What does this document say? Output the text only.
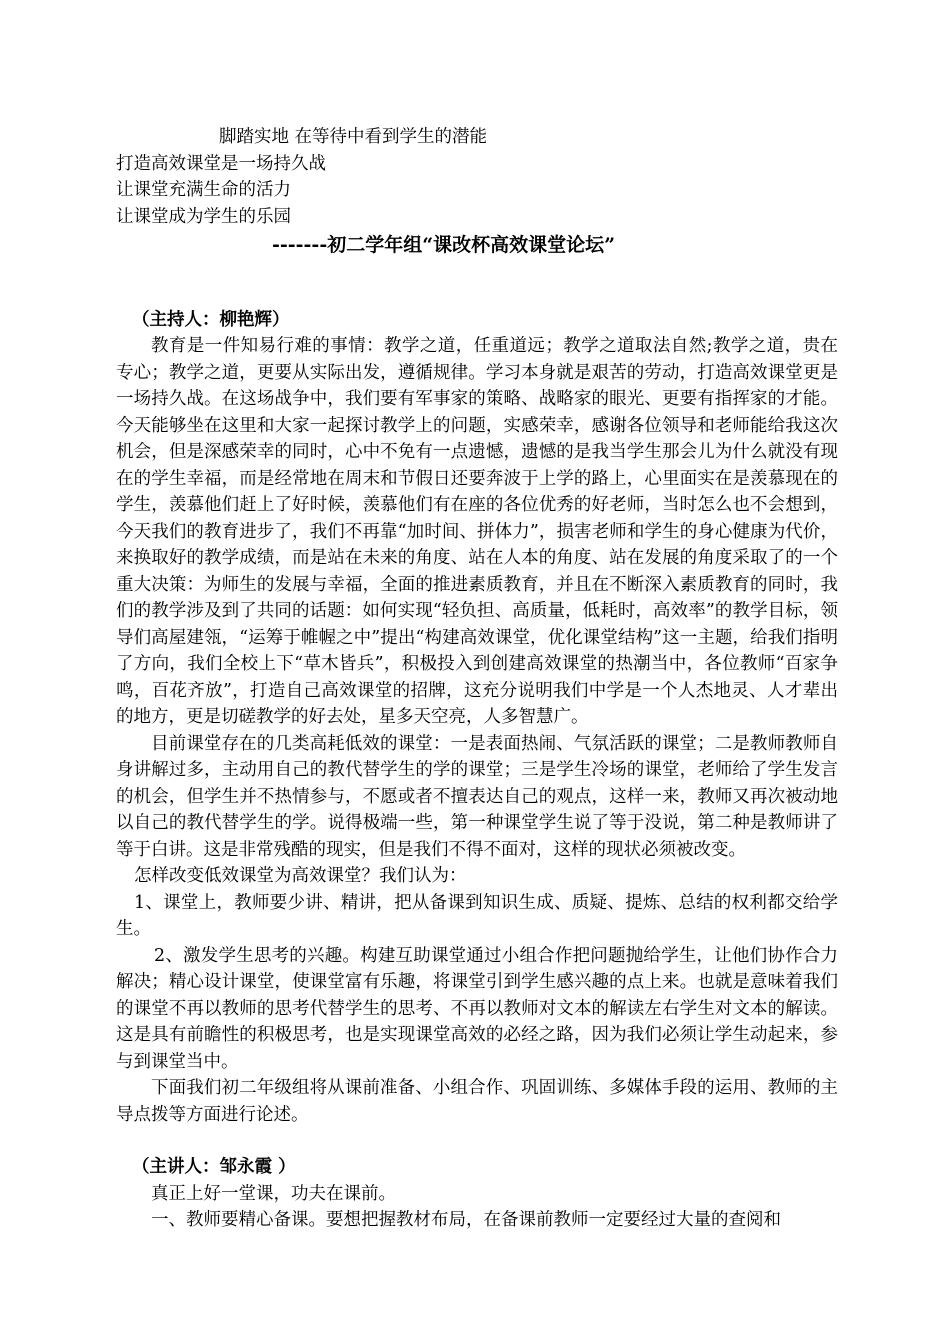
脚踏实地 在等待中看到学生的潜能
打造高效课堂是一场持久战
让课堂充满生命的活力
让课堂成为学生的乐园
-------初二学年组“课改杯高效课堂论坛”
（主持人：柳艳辉）

教育是一件知易行难的事情：教学之道，任重道远；教学之道取法自然;教学之道，贵在专心；教学之道，更要从实际出发，遵循规律。学习本身就是艰苦的劳动，打造高效课堂更是一场持久战。在这场战争中，我们要有军事家的策略、战略家的眼光、更要有指挥家的才能。今天能够坐在这里和大家一起探讨教学上的问题，实感荣幸，感谢各位领导和老师能给我这次机会，但是深感荣幸的同时，心中不免有一点遗憾，遗憾的是我当学生那会儿为什么就没有现在的学生幸福，而是经常地在周末和节假日还要奔波于上学的路上，心里面实在是羡慕现在的学生，羡慕他们赶上了好时候，羡慕他们有在座的各位优秀的好老师，当时怎么也不会想到，今天我们的教育进步了，我们不再靠“加时间、拼体力”，损害老师和学生的身心健康为代价，来换取好的教学成绩，而是站在未来的角度、站在人本的角度、站在发展的角度采取了的一个重大决策：为师生的发展与幸福，全面的推进素质教育，并且在不断深入素质教育的同时，我们的教学涉及到了共同的话题：如何实现“轻负担、高质量，低耗时，高效率”的教学目标，领导们高屋建瓴，“运筹于帷幄之中”提出“构建高效课堂，优化课堂结构”这一主题，给我们指明了方向，我们全校上下“草木皆兵”，积极投入到创建高效课堂的热潮当中，各位教师“百家争鸣，百花齐放”，打造自己高效课堂的招牌，这充分说明我们中学是一个人杰地灵、人才辈出的地方，更是切磋教学的好去处，星多天空亮，人多智慧广。

目前课堂存在的几类高耗低效的课堂：一是表面热闹、气氛活跃的课堂；二是教师教师自身讲解过多，主动用自己的教代替学生的学的课堂；三是学生冷场的课堂，老师给了学生发言的机会，但学生并不热情参与，不愿或者不擅表达自己的观点，这样一来，教师又再次被动地以自己的教代替学生的学。说得极端一些，第一种课堂学生说了等于没说，第二种是教师讲了等于白讲。这是非常残酷的现实，但是我们不得不面对，这样的现状必须被改变。

怎样改变低效课堂为高效课堂？我们认为：

1、课堂上，教师要少讲、精讲，把从备课到知识生成、质疑、提炼、总结的权利都交给学生。

2、激发学生思考的兴趣。构建互助课堂通过小组合作把问题抛给学生，让他们协作合力解决；精心设计课堂，使课堂富有乐趣，将课堂引到学生感兴趣的点上来。也就是意味着我们的课堂不再以教师的思考代替学生的思考、不再以教师对文本的解读左右学生对文本的解读。这是具有前瞻性的积极思考，也是实现课堂高效的必经之路，因为我们必须让学生动起来，参与到课堂当中。

下面我们初二年级组将从课前准备、小组合作、巩固训练、多媒体手段的运用、教师的主导点拨等方面进行论述。

（主讲人：邹永霞 ）

真正上好一堂课，功夫在课前。

一、教师要精心备课。要想把握教材布局，在备课前教师一定要经过大量的查阅和
